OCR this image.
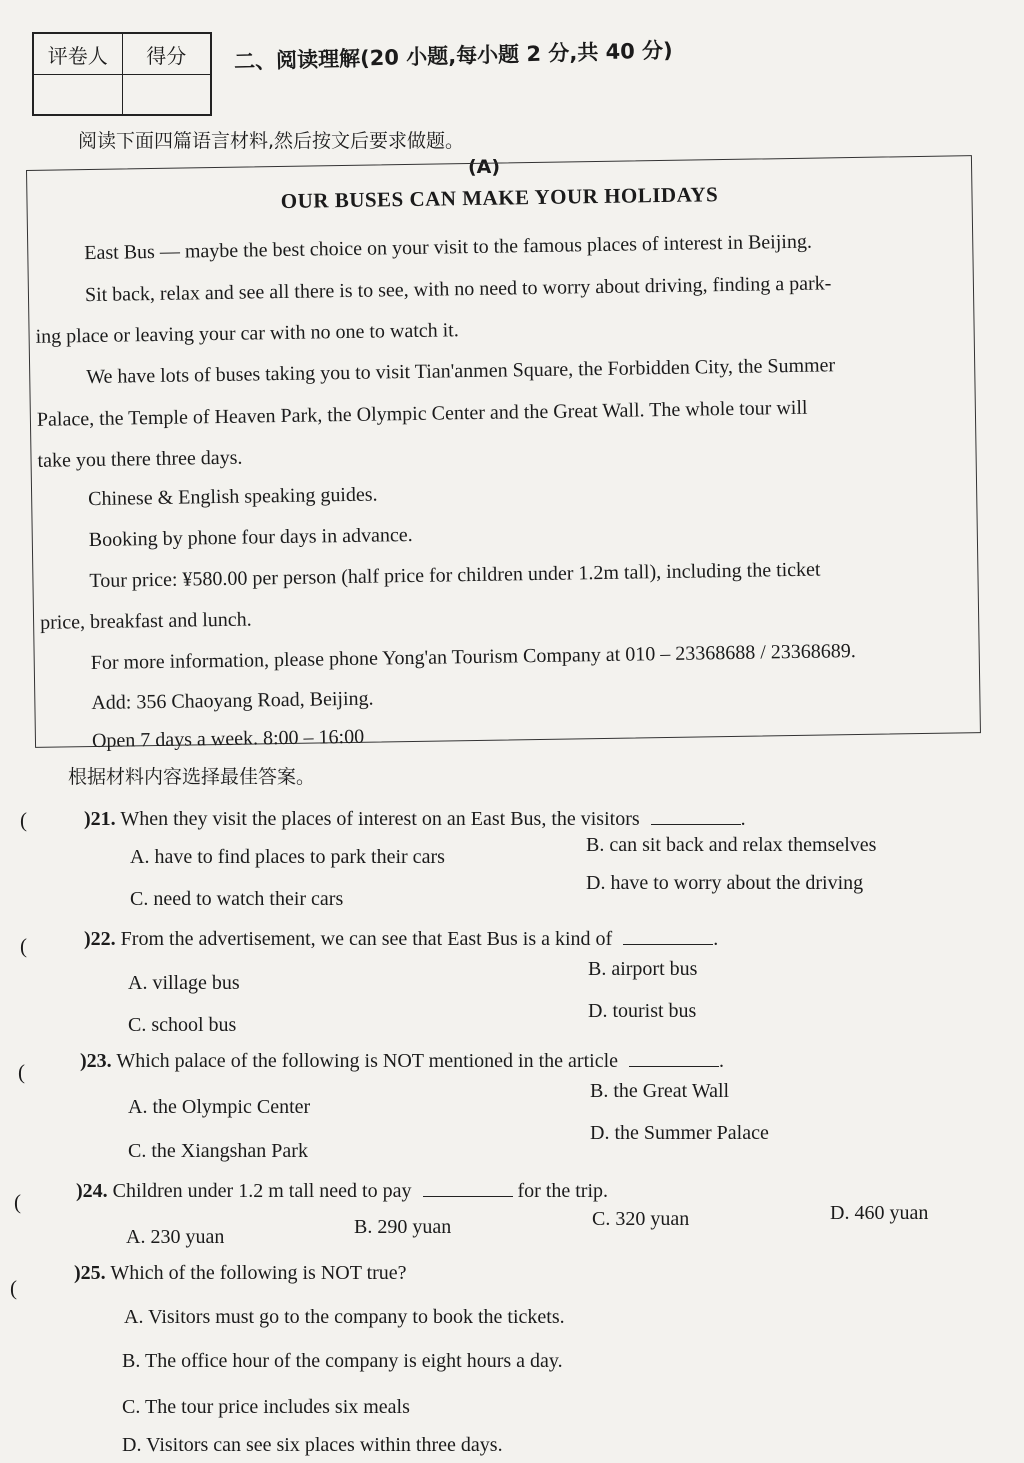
评卷人	得分
	二、阅读理解(20 小题,每小题 2 分,共 40 分)
阅读下面四篇语言材料,然后按文后要求做题。
(A)
OUR BUSES CAN MAKE YOUR HOLIDAYS
East Bus — maybe the best choice on your visit to the famous places of interest in Beijing.
Sit back, relax and see all there is to see, with no need to worry about driving, finding a park-
ing place or leaving your car with no one to watch it.
We have lots of buses taking you to visit Tian'anmen Square, the Forbidden City, the Summer
Palace, the Temple of Heaven Park, the Olympic Center and the Great Wall. The whole tour will
take you there three days.
Chinese & English speaking guides.
Booking by phone four days in advance.
Tour price: ¥580.00 per person (half price for children under 1.2m tall), including the ticket
price, breakfast and lunch.
For more information, please phone Yong'an Tourism Company at 010 – 23368688 / 23368689.
Add: 356 Chaoyang Road, Beijing.
Open 7 days a week. 8:00 – 16:00
根据材料内容选择最佳答案。
(	)21. When they visit the places of interest on an East Bus, the visitors	.
A. have to find places to park their cars
B. can sit back and relax themselves
C. need to watch their cars
D. have to worry about the driving
(	)22. From the advertisement, we can see that East Bus is a kind of	.
A. village bus
B. airport bus
C. school bus
D. tourist bus
(	)23. Which palace of the following is NOT mentioned in the article	.
A. the Olympic Center
B. the Great Wall
C. the Xiangshan Park
D. the Summer Palace
(	)24. Children under 1.2 m tall need to pay	for the trip.
A. 230 yuan	B. 290 yuan	C. 320 yuan	D. 460 yuan
(
)25. Which of the following is NOT true?
A. Visitors must go to the company to book the tickets.
B. The office hour of the company is eight hours a day.
C. The tour price includes six meals
D. Visitors can see six places within three days.
